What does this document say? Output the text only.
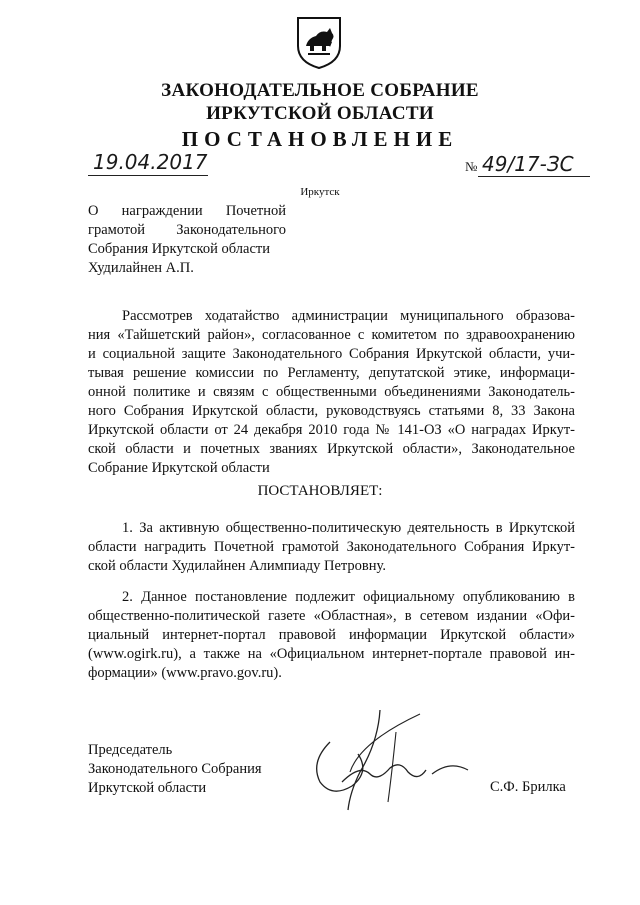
ЗАКОНОДАТЕЛЬНОЕ СОБРАНИЕ
ИРКУТСКОЙ ОБЛАСТИ
ПОСТАНОВЛЕНИЕ
19.04.2017	№ 49/17-ЗС
Иркутск
О награждении Почетной
грамотой Законодательного
Собрания Иркутской области
Худилайнен А.П.

Рассмотрев ходатайство администрации муниципального образова-
ния «Тайшетский район», согласованное с комитетом по здравоохранению
и социальной защите Законодательного Собрания Иркутской области, учи-
тывая решение комиссии по Регламенту, депутатской этике, информаци-
онной политике и связям с общественными объединениями Законодатель-
ного Собрания Иркутской области, руководствуясь статьями 8, 33 Закона
Иркутской области от 24 декабря 2010 года № 141-ОЗ «О наградах Иркут-
ской области и почетных званиях Иркутской области», Законодательное
Собрание Иркутской области

ПОСТАНОВЛЯЕТ:

1. За активную общественно-политическую деятельность в Иркутской
области наградить Почетной грамотой Законодательного Собрания Иркут-
ской области Худилайнен Алимпиаду Петровну.

2. Данное постановление подлежит официальному опубликованию в
общественно-политической газете «Областная», в сетевом издании «Офи-
циальный интернет-портал правовой информации Иркутской области»
(www.ogirk.ru), а также на «Официальном интернет-портале правовой ин-
формации» (www.pravo.gov.ru).

Председатель
Законодательного Собрания
Иркутской области	С.Ф. Брилка
